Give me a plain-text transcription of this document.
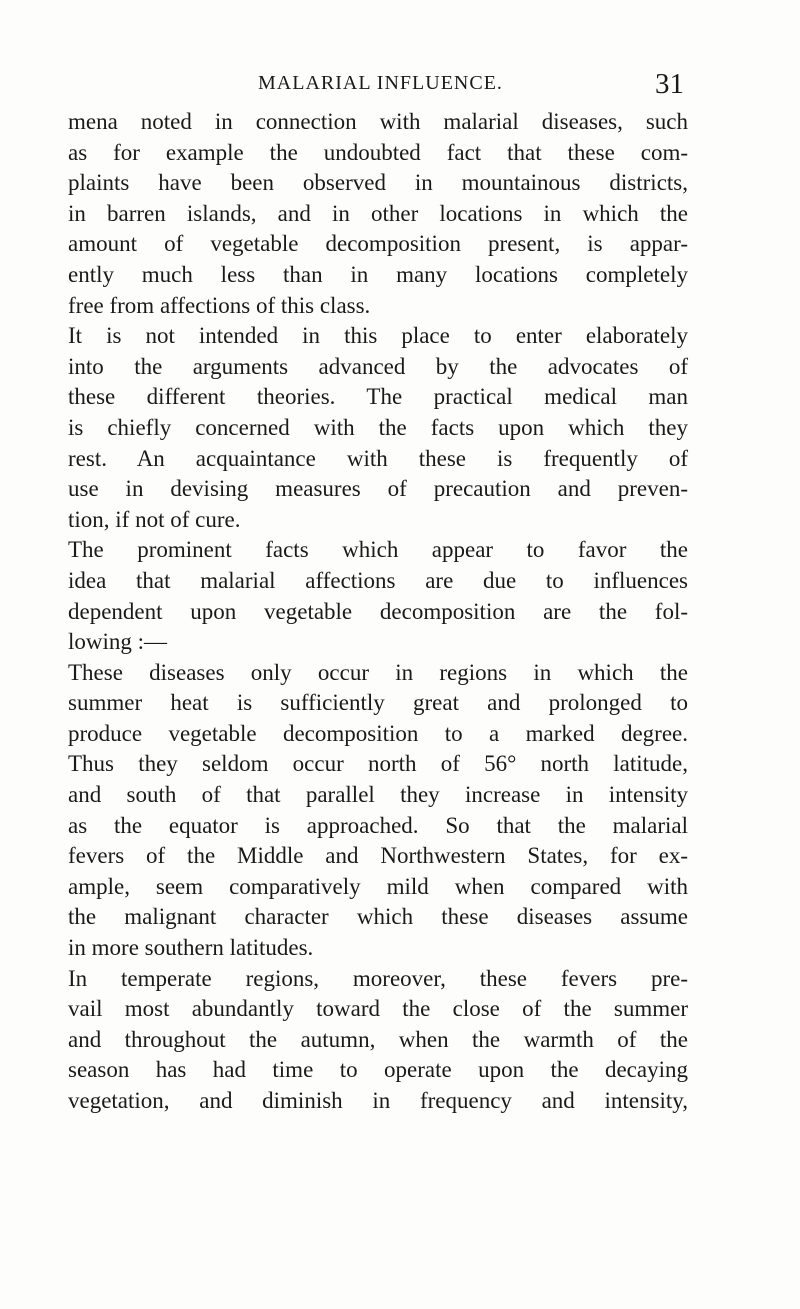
MALARIAL INFLUENCE.	31
mena noted in connection with malarial diseases, such
as for example the undoubted fact that these com-
plaints have been observed in mountainous districts,
in barren islands, and in other locations in which the
amount of vegetable decomposition present, is appar-
ently much less than in many locations completely
free from affections of this class.
It is not intended in this place to enter elaborately
into the arguments advanced by the advocates of
these different theories. The practical medical man
is chiefly concerned with the facts upon which they
rest. An acquaintance with these is frequently of
use in devising measures of precaution and preven-
tion, if not of cure.
The prominent facts which appear to favor the
idea that malarial affections are due to influences
dependent upon vegetable decomposition are the fol-
lowing :—
These diseases only occur in regions in which the
summer heat is sufficiently great and prolonged to
produce vegetable decomposition to a marked degree.
Thus they seldom occur north of 56° north latitude,
and south of that parallel they increase in intensity
as the equator is approached. So that the malarial
fevers of the Middle and Northwestern States, for ex-
ample, seem comparatively mild when compared with
the malignant character which these diseases assume
in more southern latitudes.
In temperate regions, moreover, these fevers pre-
vail most abundantly toward the close of the summer
and throughout the autumn, when the warmth of the
season has had time to operate upon the decaying
vegetation, and diminish in frequency and intensity,
